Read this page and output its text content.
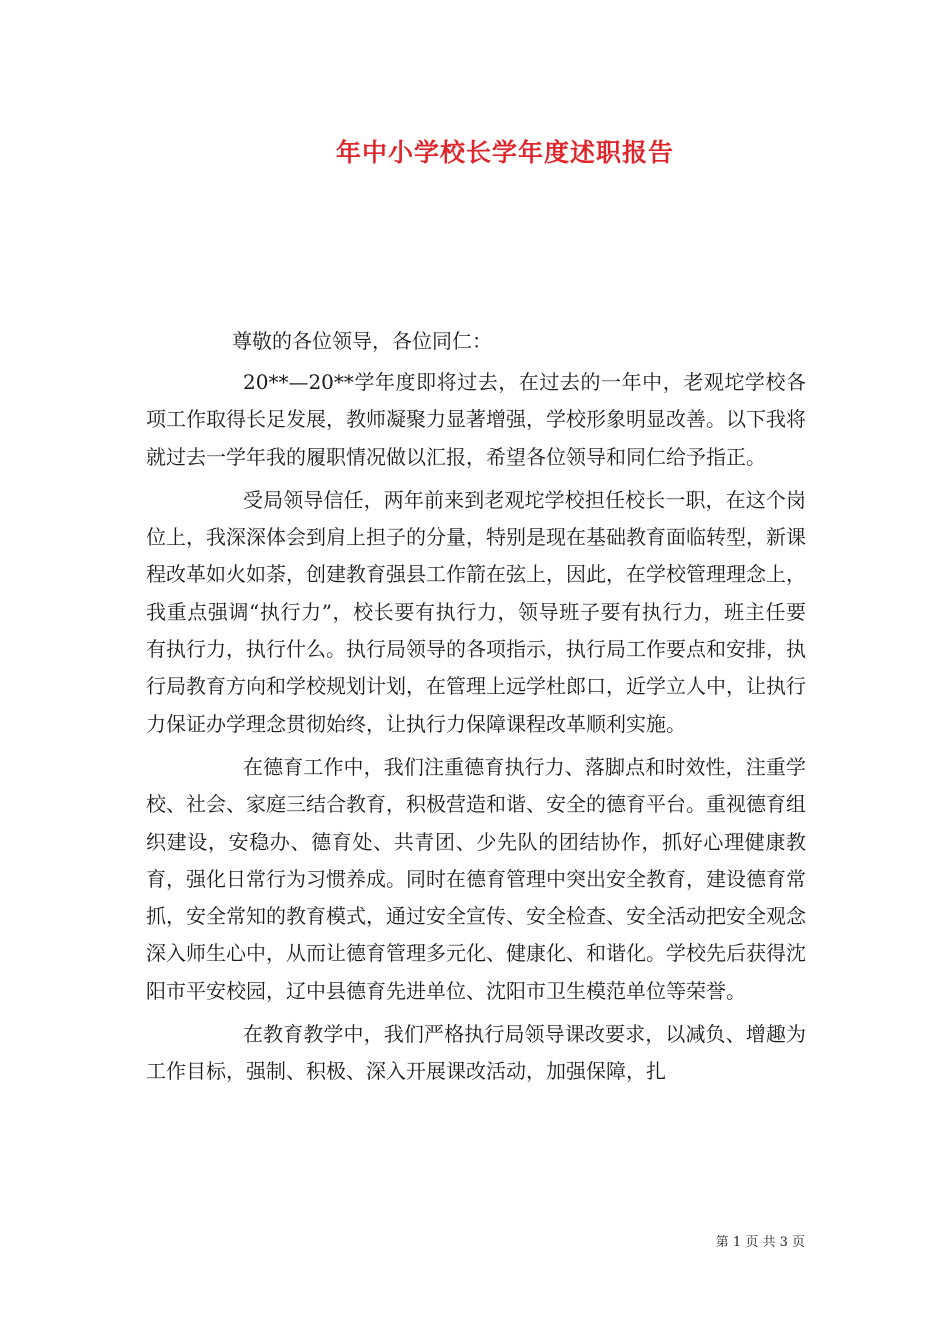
年中小学校长学年度述职报告

尊敬的各位领导，各位同仁：

20**—20**学年度即将过去，在过去的一年中，老观坨学校各项工作取得长足发展，教师凝聚力显著增强，学校形象明显改善。以下我将就过去一学年我的履职情况做以汇报，希望各位领导和同仁给予指正。

受局领导信任，两年前来到老观坨学校担任校长一职，在这个岗位上，我深深体会到肩上担子的分量，特别是现在基础教育面临转型，新课程改革如火如荼，创建教育强县工作箭在弦上，因此，在学校管理理念上，我重点强调“执行力”，校长要有执行力，领导班子要有执行力，班主任要有执行力，执行什么。执行局领导的各项指示，执行局工作要点和安排，执行局教育方向和学校规划计划，在管理上远学杜郎口，近学立人中，让执行力保证办学理念贯彻始终，让执行力保障课程改革顺利实施。

在德育工作中，我们注重德育执行力、落脚点和时效性，注重学校、社会、家庭三结合教育，积极营造和谐、安全的德育平台。重视德育组织建设，安稳办、德育处、共青团、少先队的团结协作，抓好心理健康教育，强化日常行为习惯养成。同时在德育管理中突出安全教育，建设德育常抓，安全常知的教育模式，通过安全宣传、安全检查、安全活动把安全观念深入师生心中，从而让德育管理多元化、健康化、和谐化。学校先后获得沈阳市平安校园，辽中县德育先进单位、沈阳市卫生模范单位等荣誉。

在教育教学中，我们严格执行局领导课改要求，以减负、增趣为工作目标，强制、积极、深入开展课改活动，加强保障，扎

第 1 页 共 3 页
